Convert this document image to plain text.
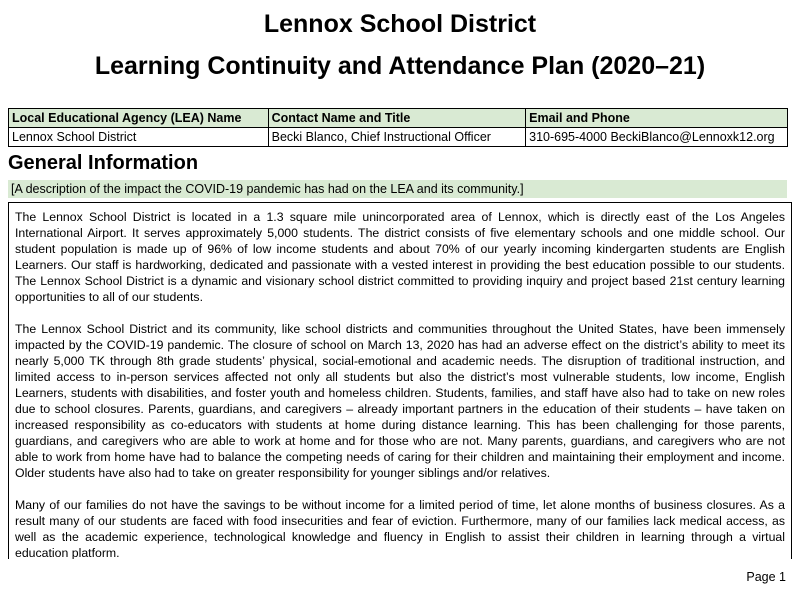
Lennox School District
Learning Continuity and Attendance Plan (2020–21)
Local Educational Agency (LEA) Name	Contact Name and Title	Email and Phone
Lennox School District	Becki Blanco, Chief Instructional Officer	310-695-4000 BeckiBlanco@Lennoxk12.org
General Information
[A description of the impact the COVID-19 pandemic has had on the LEA and its community.]

The Lennox School District is located in a 1.3 square mile unincorporated area of Lennox, which is directly east of the Los Angeles International Airport. It serves approximately 5,000 students. The district consists of five elementary schools and one middle school. Our student population is made up of 96% of low income students and about 70% of our yearly incoming kindergarten students are English Learners. Our staff is hardworking, dedicated and passionate with a vested interest in providing the best education possible to our students. The Lennox School District is a dynamic and visionary school district committed to providing inquiry and project based 21st century learning opportunities to all of our students.

The Lennox School District and its community, like school districts and communities throughout the United States, have been immensely impacted by the COVID-19 pandemic. The closure of school on March 13, 2020 has had an adverse effect on the district’s ability to meet its nearly 5,000 TK through 8th grade students’ physical, social-emotional and academic needs. The disruption of traditional instruction, and limited access to in-person services affected not only all students but also the district’s most vulnerable students, low income, English Learners, students with disabilities, and foster youth and homeless children. Students, families, and staff have also had to take on new roles due to school closures. Parents, guardians, and caregivers – already important partners in the education of their students – have taken on increased responsibility as co-educators with students at home during distance learning. This has been challenging for those parents, guardians, and caregivers who are able to work at home and for those who are not. Many parents, guardians, and caregivers who are not able to work from home have had to balance the competing needs of caring for their children and maintaining their employment and income. Older students have also had to take on greater responsibility for younger siblings and/or relatives.

Many of our families do not have the savings to be without income for a limited period of time, let alone months of business closures. As a result many of our students are faced with food insecurities and fear of eviction. Furthermore, many of our families lack medical access, as well as the academic experience, technological knowledge and fluency in English to assist their children in learning through a virtual education platform.

Page 1
